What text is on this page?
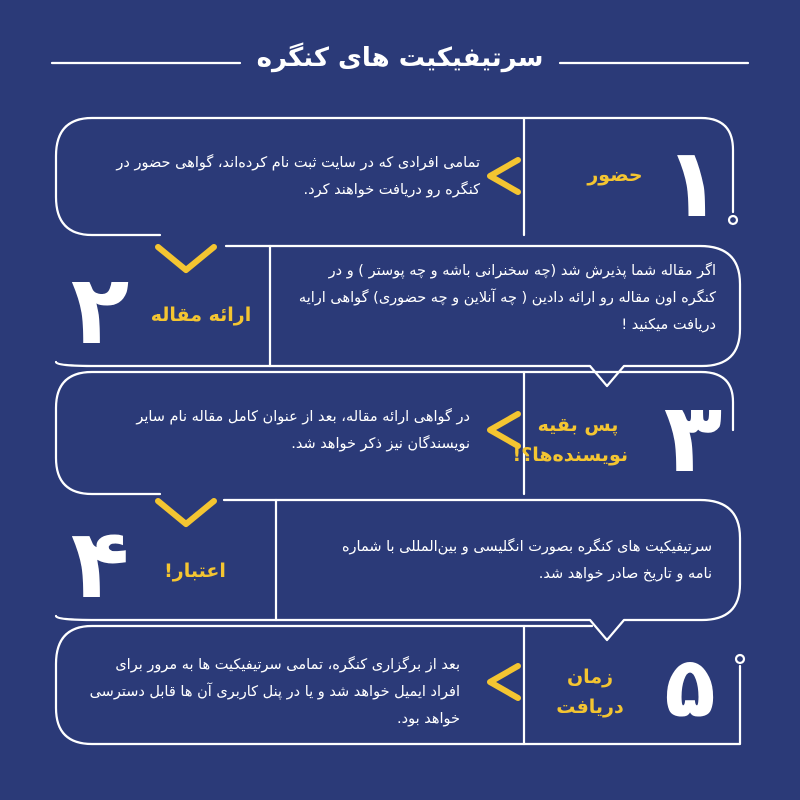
سرتیفیکیت های کنگره
۱
حضور
تمامی افرادی که در سایت ثبت نام کرده‌اند، گواهی حضور در کنگره رو دریافت خواهند کرد.
۲	ارائه مقاله
اگر مقاله شما پذیرش شد (چه سخنرانی باشه و چه پوستر ) و در کنگره اون مقاله رو ارائه دادین ( چه آنلاین و چه حضوری) گواهی ارایه دریافت میکنید !
۳
پس بقیه نویسنده‌ها؟!
در گواهی ارائه مقاله، بعد از عنوان کامل مقاله نام سایر نویسندگان نیز ذکر خواهد شد.
۴	اعتبار!
سرتیفیکیت های کنگره بصورت انگلیسی و بین‌المللی با شماره نامه و تاریخ صادر خواهد شد.
۵
زمان دریافت
بعد از برگزاری کنگره، تمامی سرتیفیکیت ها به مرور برای افراد ایمیل خواهد شد و یا در پنل کاربری آن ها قابل دسترسی خواهد بود.
